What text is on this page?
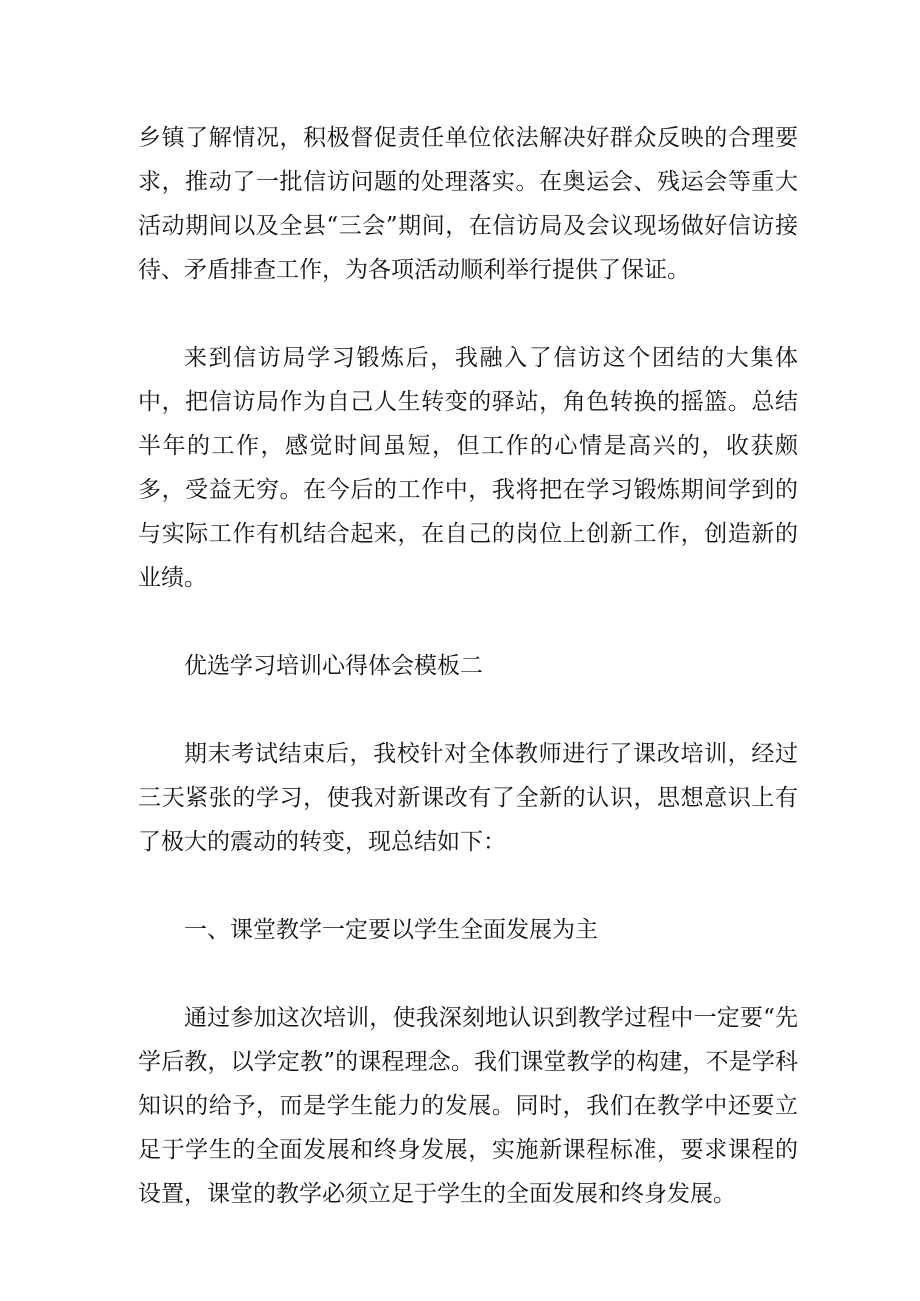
乡镇了解情况，积极督促责任单位依法解决好群众反映的合理要求，推动了一批信访问题的处理落实。在奥运会、残运会等重大活动期间以及全县“三会”期间，在信访局及会议现场做好信访接待、矛盾排查工作，为各项活动顺利举行提供了保证。

来到信访局学习锻炼后，我融入了信访这个团结的大集体中，把信访局作为自己人生转变的驿站，角色转换的摇篮。总结半年的工作，感觉时间虽短，但工作的心情是高兴的，收获颇多，受益无穷。在今后的工作中，我将把在学习锻炼期间学到的与实际工作有机结合起来，在自己的岗位上创新工作，创造新的业绩。

优选学习培训心得体会模板二

期末考试结束后，我校针对全体教师进行了课改培训，经过三天紧张的学习，使我对新课改有了全新的认识，思想意识上有了极大的震动的转变，现总结如下：

一、课堂教学一定要以学生全面发展为主

通过参加这次培训，使我深刻地认识到教学过程中一定要“先学后教，以学定教”的课程理念。我们课堂教学的构建，不是学科知识的给予，而是学生能力的发展。同时，我们在教学中还要立足于学生的全面发展和终身发展，实施新课程标准，要求课程的设置，课堂的教学必须立足于学生的全面发展和终身发展。
